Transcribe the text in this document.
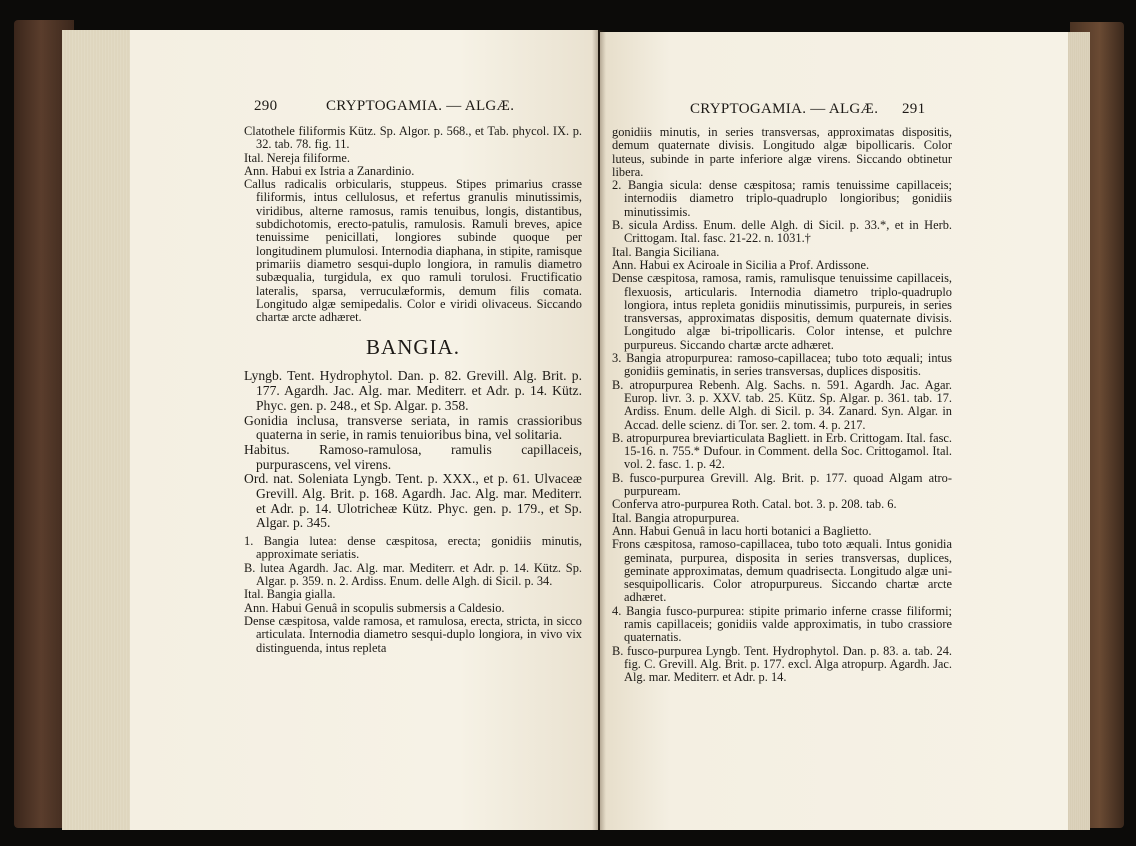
290	CRYPTOGAMIA. — ALGÆ.

Clatothele filiformis Kütz. Sp. Algor. p. 568., et Tab. phycol. IX. p. 32. tab. 78. fig. 11.

Ital. Nereja filiforme.

Ann. Habui ex Istria a Zanardinio.

Callus radicalis orbicularis, stuppeus. Stipes primarius crasse filiformis, intus cellulosus, et refertus granulis minutissimis, viridibus, alterne ramosus, ramis tenuibus, longis, distantibus, subdichotomis, erecto-patulis, ramulosis. Ramuli breves, apice tenuissime penicillati, longiores subinde quoque per longitudinem plumulosi. Internodia diaphana, in stipite, ramisque primariis diametro sesqui-duplo longiora, in ramulis diametro subæqualia, turgidula, ex quo ramuli torulosi. Fructificatio lateralis, sparsa, verruculæformis, demum filis comata. Longitudo algæ semipedalis. Color e viridi olivaceus. Siccando chartæ arcte adhæret.

BANGIA.

Lyngb. Tent. Hydrophytol. Dan. p. 82. Grevill. Alg. Brit. p. 177. Agardh. Jac. Alg. mar. Mediterr. et Adr. p. 14. Kütz. Phyc. gen. p. 248., et Sp. Algar. p. 358.

Gonidia inclusa, transverse seriata, in ramis crassioribus quaterna in serie, in ramis tenuioribus bina, vel solitaria.

Habitus. Ramoso-ramulosa, ramulis capillaceis, purpurascens, vel virens.

Ord. nat. Soleniata Lyngb. Tent. p. XXX., et p. 61. Ulvaceæ Grevill. Alg. Brit. p. 168. Agardh. Jac. Alg. mar. Mediterr. et Adr. p. 14. Ulotricheæ Kütz. Phyc. gen. p. 179., et Sp. Algar. p. 345.

1. Bangia lutea: dense cæspitosa, erecta; gonidiis minutis, approximate seriatis.

B. lutea Agardh. Jac. Alg. mar. Mediterr. et Adr. p. 14. Kütz. Sp. Algar. p. 359. n. 2. Ardiss. Enum. delle Algh. di Sicil. p. 34.

Ital. Bangia gialla.

Ann. Habui Genuâ in scopulis submersis a Caldesio.

Dense cæspitosa, valde ramosa, et ramulosa, erecta, stricta, in sicco articulata. Internodia diametro sesqui-duplo longiora, in vivo vix distinguenda, intus repleta

CRYPTOGAMIA. — ALGÆ. 291

gonidiis minutis, in series transversas, approximatas dispositis, demum quaternate divisis. Longitudo algæ bipollicaris. Color luteus, subinde in parte inferiore algæ virens. Siccando obtinetur libera.

2. Bangia sicula: dense cæspitosa; ramis tenuissime capillaceis; internodiis diametro triplo-quadruplo longioribus; gonidiis minutissimis.

B. sicula Ardiss. Enum. delle Algh. di Sicil. p. 33.*, et in Herb. Crittogam. Ital. fasc. 21-22. n. 1031.†

Ital. Bangia Siciliana.

Ann. Habui ex Aciroale in Sicilia a Prof. Ardissone.

Dense cæspitosa, ramosa, ramis, ramulisque tenuissime capillaceis, flexuosis, articularis. Internodia diametro triplo-quadruplo longiora, intus repleta gonidiis minutissimis, purpureis, in series transversas, approximatas dispositis, demum quaternate divisis. Longitudo algæ bi-tripollicaris. Color intense, et pulchre purpureus. Siccando chartæ arcte adhæret.

3. Bangia atropurpurea: ramoso-capillacea; tubo toto æquali; intus gonidiis geminatis, in series transversas, duplices dispositis.

B. atropurpurea Rebenh. Alg. Sachs. n. 591. Agardh. Jac. Agar. Europ. livr. 3. p. XXV. tab. 25. Kütz. Sp. Algar. p. 361. tab. 17. Ardiss. Enum. delle Algh. di Sicil. p. 34. Zanard. Syn. Algar. in Accad. delle scienz. di Tor. ser. 2. tom. 4. p. 217.

B. atropurpurea breviarticulata Bagliett. in Erb. Crittogam. Ital. fasc. 15-16. n. 755.* Dufour. in Comment. della Soc. Crittogamol. Ital. vol. 2. fasc. 1. p. 42.

B. fusco-purpurea Grevill. Alg. Brit. p. 177. quoad Algam atro-purpuream.

Conferva atro-purpurea Roth. Catal. bot. 3. p. 208. tab. 6.

Ital. Bangia atropurpurea.

Ann. Habui Genuâ in lacu horti botanici a Baglietto.

Frons cæspitosa, ramoso-capillacea, tubo toto æquali. Intus gonidia geminata, purpurea, disposita in series transversas, duplices, geminate approximatas, demum quadrisecta. Longitudo algæ uni-sesquipollicaris. Color atropurpureus. Siccando chartæ arcte adhæret.

4. Bangia fusco-purpurea: stipite primario inferne crasse filiformi; ramis capillaceis; gonidiis valde approximatis, in tubo crassiore quaternatis.

B. fusco-purpurea Lyngb. Tent. Hydrophytol. Dan. p. 83. a. tab. 24. fig. C. Grevill. Alg. Brit. p. 177. excl. Alga atropurp. Agardh. Jac. Alg. mar. Mediterr. et Adr. p. 14.
